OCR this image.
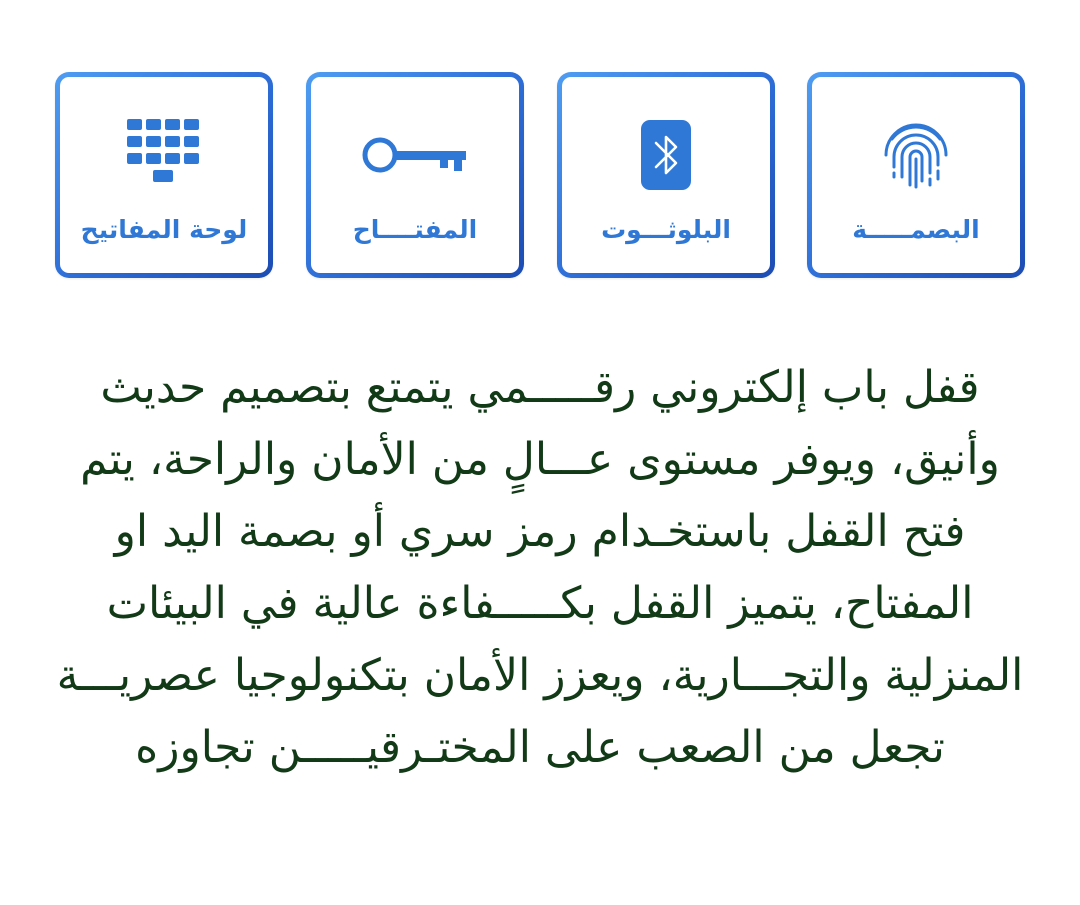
البصمـــــة
البلوثـــوت
المفتــــاح
لوحة المفاتيح

قفل باب إلكتروني رقـــــمي يتمتع بتصميم حديث وأنيق، ويوفر مستوى عـــالٍ من الأمان والراحة، يتم فتح القفل باستخـدام رمز سري أو بصمة اليد او المفتاح، يتميز القفل بكـــــفاءة عالية في البيئات المنزلية والتجـــارية، ويعزز الأمان بتكنولوجيا عصريـــة تجعل من الصعب على المختـرقيـــــن تجاوزه
